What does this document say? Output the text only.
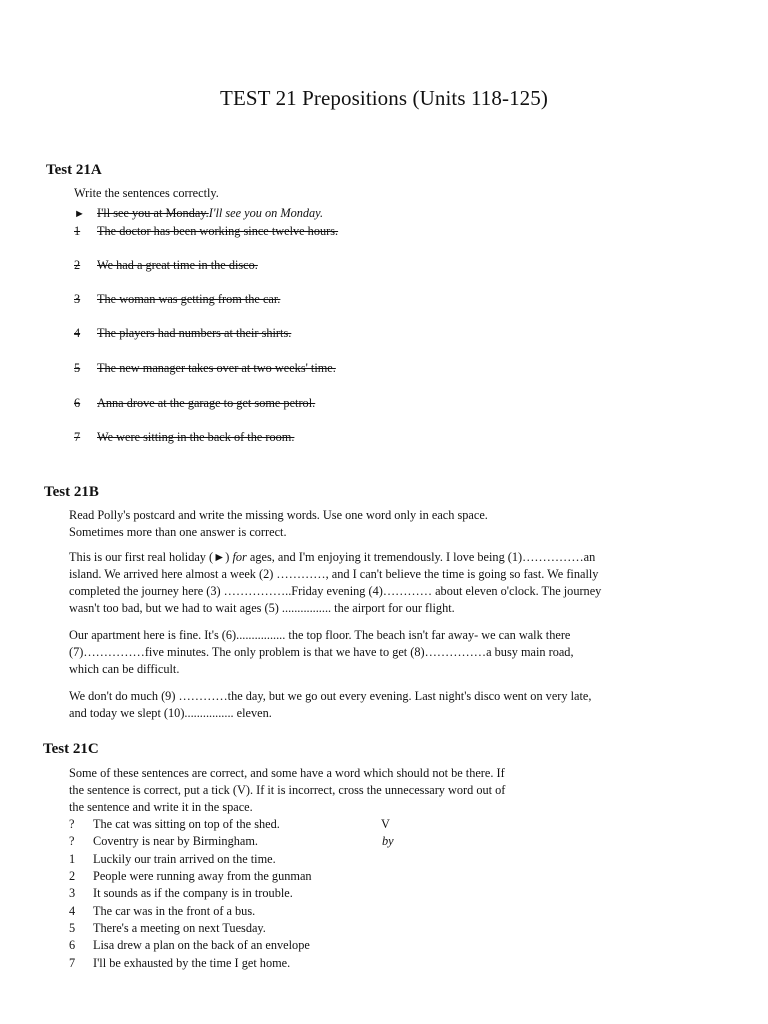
TEST 21 Prepositions (Units 118-125)
Test 21A
Write the sentences correctly.
► I'll see you at Monday.I'll see you on Monday.
1 The doctor has been working since twelve hours.
2 We had a great time in the disco.
3 The woman was getting from the car.
4 The players had numbers at their shirts.
5 The new manager takes over at two weeks' time.
6 Anna drove at the garage to get some petrol.
7 We were sitting in the back of the room.
Test 21B
Read Polly's postcard and write the missing words. Use one word only in each space.
Sometimes more than one answer is correct.

This is our first real holiday (►) for ages, and I'm enjoying it tremendously. I love being (1)……………an

island. We arrived here almost a week (2) …………, and I can't believe the time is going so fast. We finally

completed the journey here (3) ……………..Friday evening (4)………… about eleven o'clock. The journey

wasn't too bad, but we had to wait ages (5) ................ the airport for our flight.

Our apartment here is fine. It's (6)................ the top floor. The beach isn't far away- we can walk there

(7)……………five minutes. The only problem is that we have to get (8)……………a busy main road,

which can be difficult.

We don't do much (9) …………the day, but we go out every evening. Last night's disco went on very late,

and today we slept (10)................ eleven.

Test 21C

Some of these sentences are correct, and some have a word which should not be there. If

the sentence is correct, put a tick (V). If it is incorrect, cross the unnecessary word out of

the sentence and write it in the space.

? The cat was sitting on top of the shed.	V
? Coventry is near by Birmingham.	by
1 Luckily our train arrived on the time.
2 People were running away from the gunman
3 It sounds as if the company is in trouble.
4 The car was in the front of a bus.
5 There's a meeting on next Tuesday.
6 Lisa drew a plan on the back of an envelope
7 I'll be exhausted by the time I get home.
